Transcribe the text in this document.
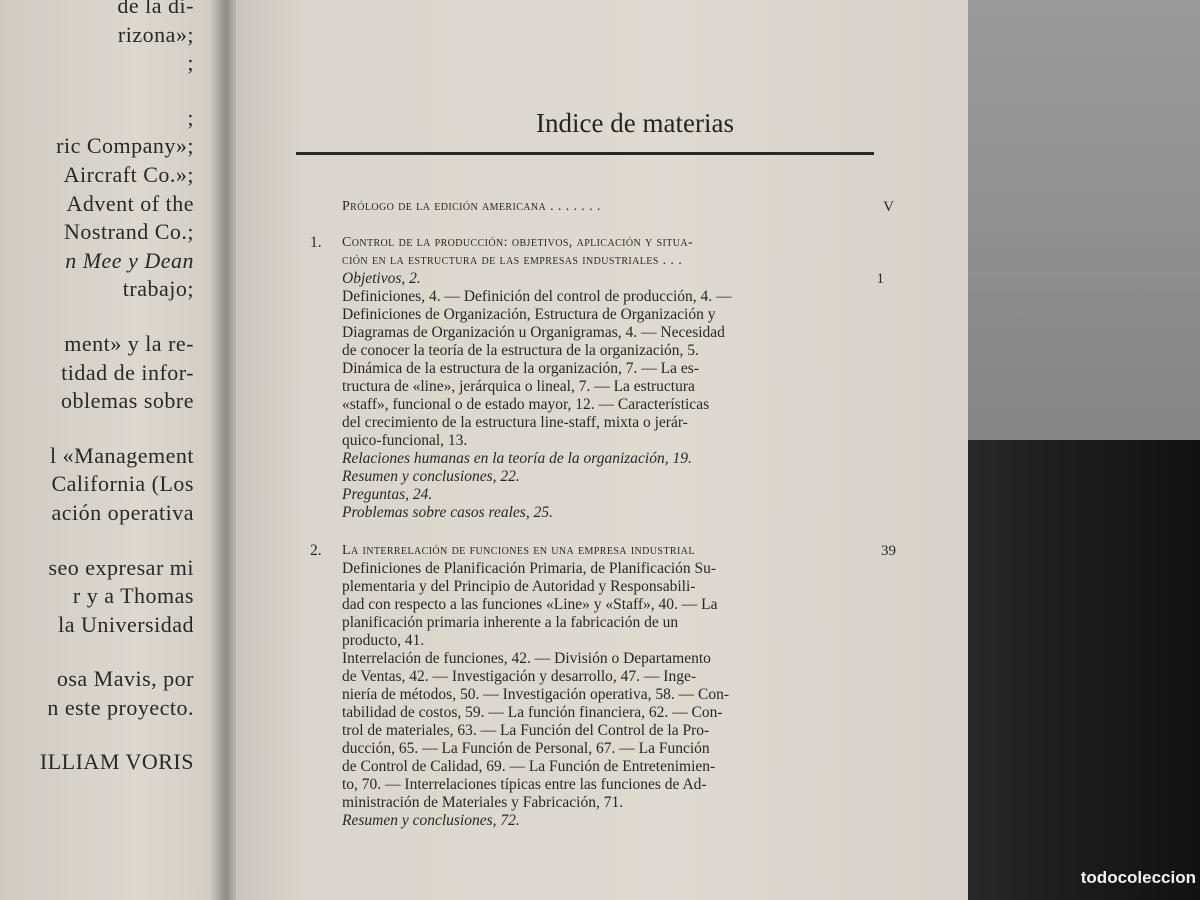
de la di-
rizona»;
;
;
ric Company»;
Aircraft Co.»;
Advent of the
Nostrand Co.;
n Mee y Dean
trabajo;
ment» y la re-
tidad de infor-
oblemas sobre
l «Management
California (Los
ación operativa
seo expresar mi
r y a Thomas
la Universidad
osa Mavis, por
n este proyecto.
ILLIAM VORIS
Indice de materias
V
Prólogo de la edición americana . . . . . . .
1.
1
Control de la producción: objetivos, aplicación y situa-
ción en la estructura de las empresas industriales . . .
Objetivos, 2.
Definiciones, 4. — Definición del control de producción, 4. —
Definiciones de Organización, Estructura de Organización y
Diagramas de Organización u Organigramas, 4. — Necesidad
de conocer la teoría de la estructura de la organización, 5.
Dinámica de la estructura de la organización, 7. — La es-
tructura de «line», jerárquica o lineal, 7. — La estructura
«staff», funcional o de estado mayor, 12. — Características
del crecimiento de la estructura line-staff, mixta o jerár-
quico-funcional, 13.
Relaciones humanas en la teoría de la organización, 19.
Resumen y conclusiones, 22.
Preguntas, 24.
Problemas sobre casos reales, 25.
2.	39
La interrelación de funciones en una empresa industrial
Definiciones de Planificación Primaria, de Planificación Su-
plementaria y del Principio de Autoridad y Responsabili-
dad con respecto a las funciones «Line» y «Staff», 40. — La
planificación primaria inherente a la fabricación de un
producto, 41.
Interrelación de funciones, 42. — División o Departamento
de Ventas, 42. — Investigación y desarrollo, 47. — Inge-
niería de métodos, 50. — Investigación operativa, 58. — Con-
tabilidad de costos, 59. — La función financiera, 62. — Con-
trol de materiales, 63. — La Función del Control de la Pro-
ducción, 65. — La Función de Personal, 67. — La Función
de Control de Calidad, 69. — La Función de Entretenimien-
to, 70. — Interrelaciones típicas entre las funciones de Ad-
ministración de Materiales y Fabricación, 71.
Resumen y conclusiones, 72.
todocoleccion
